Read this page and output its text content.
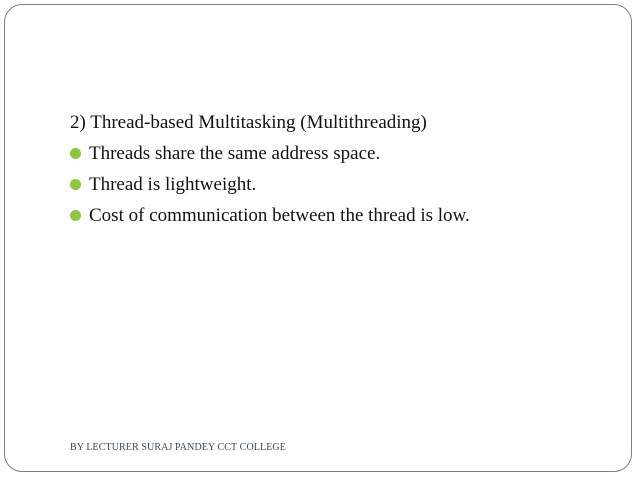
2) Thread-based Multitasking (Multithreading)
Threads share the same address space.
Thread is lightweight.
Cost of communication between the thread is low.
BY LECTURER SURAJ PANDEY CCT COLLEGE
